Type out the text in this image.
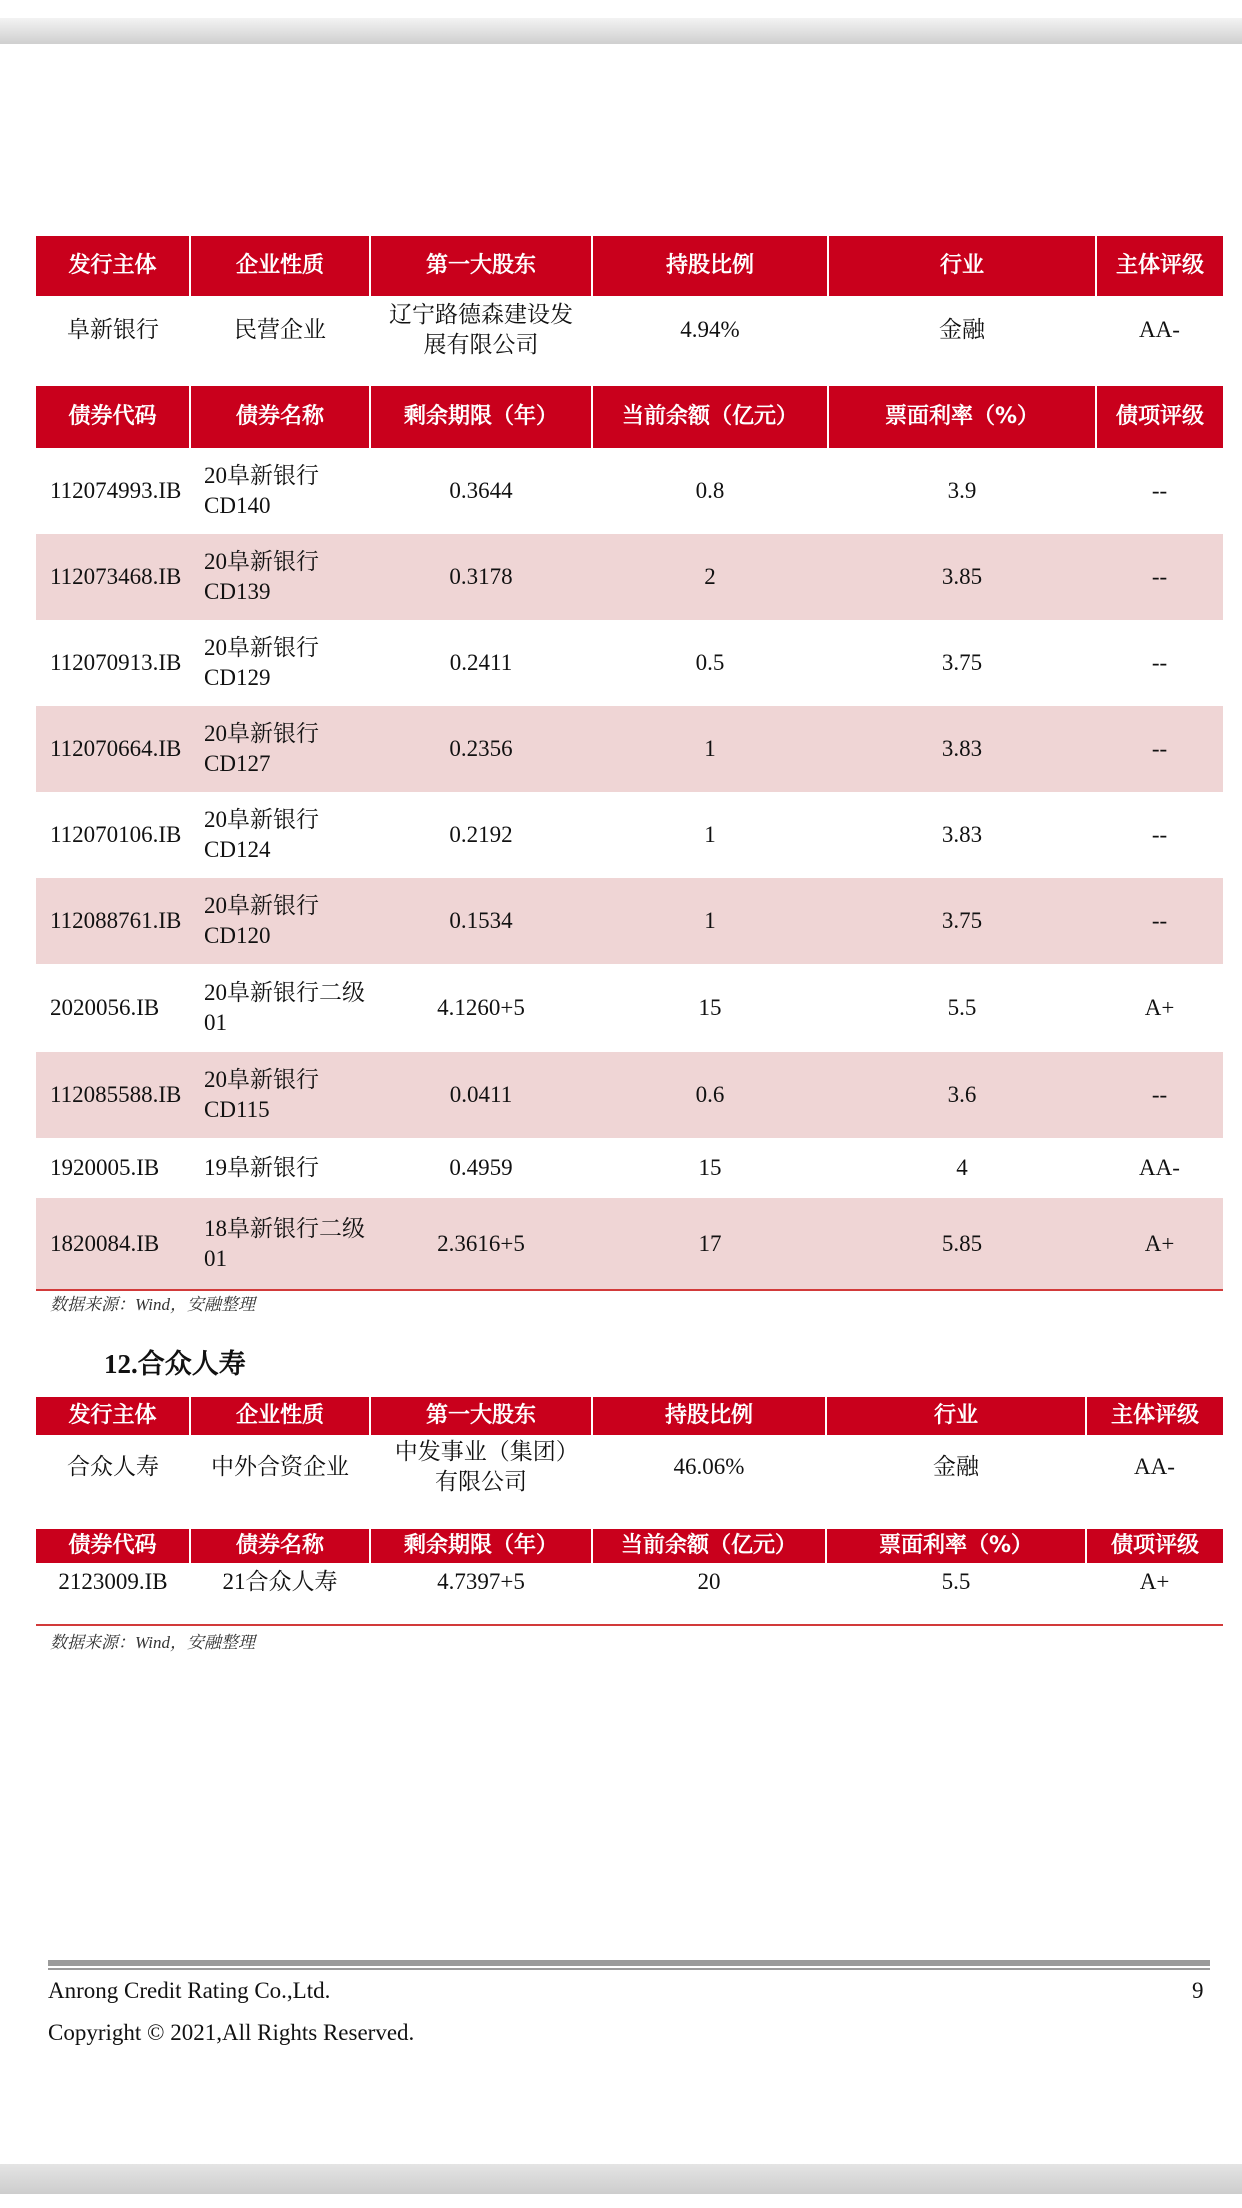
发行主体	企业性质	第一大股东	持股比例	行业	主体评级
阜新银行	民营企业	辽宁路德森建设发展有限公司	4.94%	金融	AA-
债券代码	债券名称	剩余期限（年）	当前余额（亿元）	票面利率（%）	债项评级
112074993.IB	20阜新银行CD140	0.3644	0.8	3.9	--
112073468.IB	20阜新银行CD139	0.3178	2	3.85	--
112070913.IB	20阜新银行CD129	0.2411	0.5	3.75	--
112070664.IB	20阜新银行CD127	0.2356	1	3.83	--
112070106.IB	20阜新银行CD124	0.2192	1	3.83	--
112088761.IB	20阜新银行CD120	0.1534	1	3.75	--
2020056.IB	20阜新银行二级01	4.1260+5	15	5.5	A+
112085588.IB	20阜新银行CD115	0.0411	0.6	3.6	--
1920005.IB	19阜新银行	0.4959	15	4	AA-
1820084.IB	18阜新银行二级01	2.3616+5	17	5.85	A+
数据来源：Wind，安融整理
12.合众人寿
发行主体	企业性质	第一大股东	持股比例	行业	主体评级
合众人寿	中外合资企业	中发事业（集团）有限公司	46.06%	金融	AA-
债券代码	债券名称	剩余期限（年）	当前余额（亿元）	票面利率（%）	债项评级
2123009.IB	21合众人寿	4.7397+5	20	5.5	A+
数据来源：Wind，安融整理
Anrong Credit Rating Co.,Ltd.	9
Copyright © 2021,All Rights Reserved.
